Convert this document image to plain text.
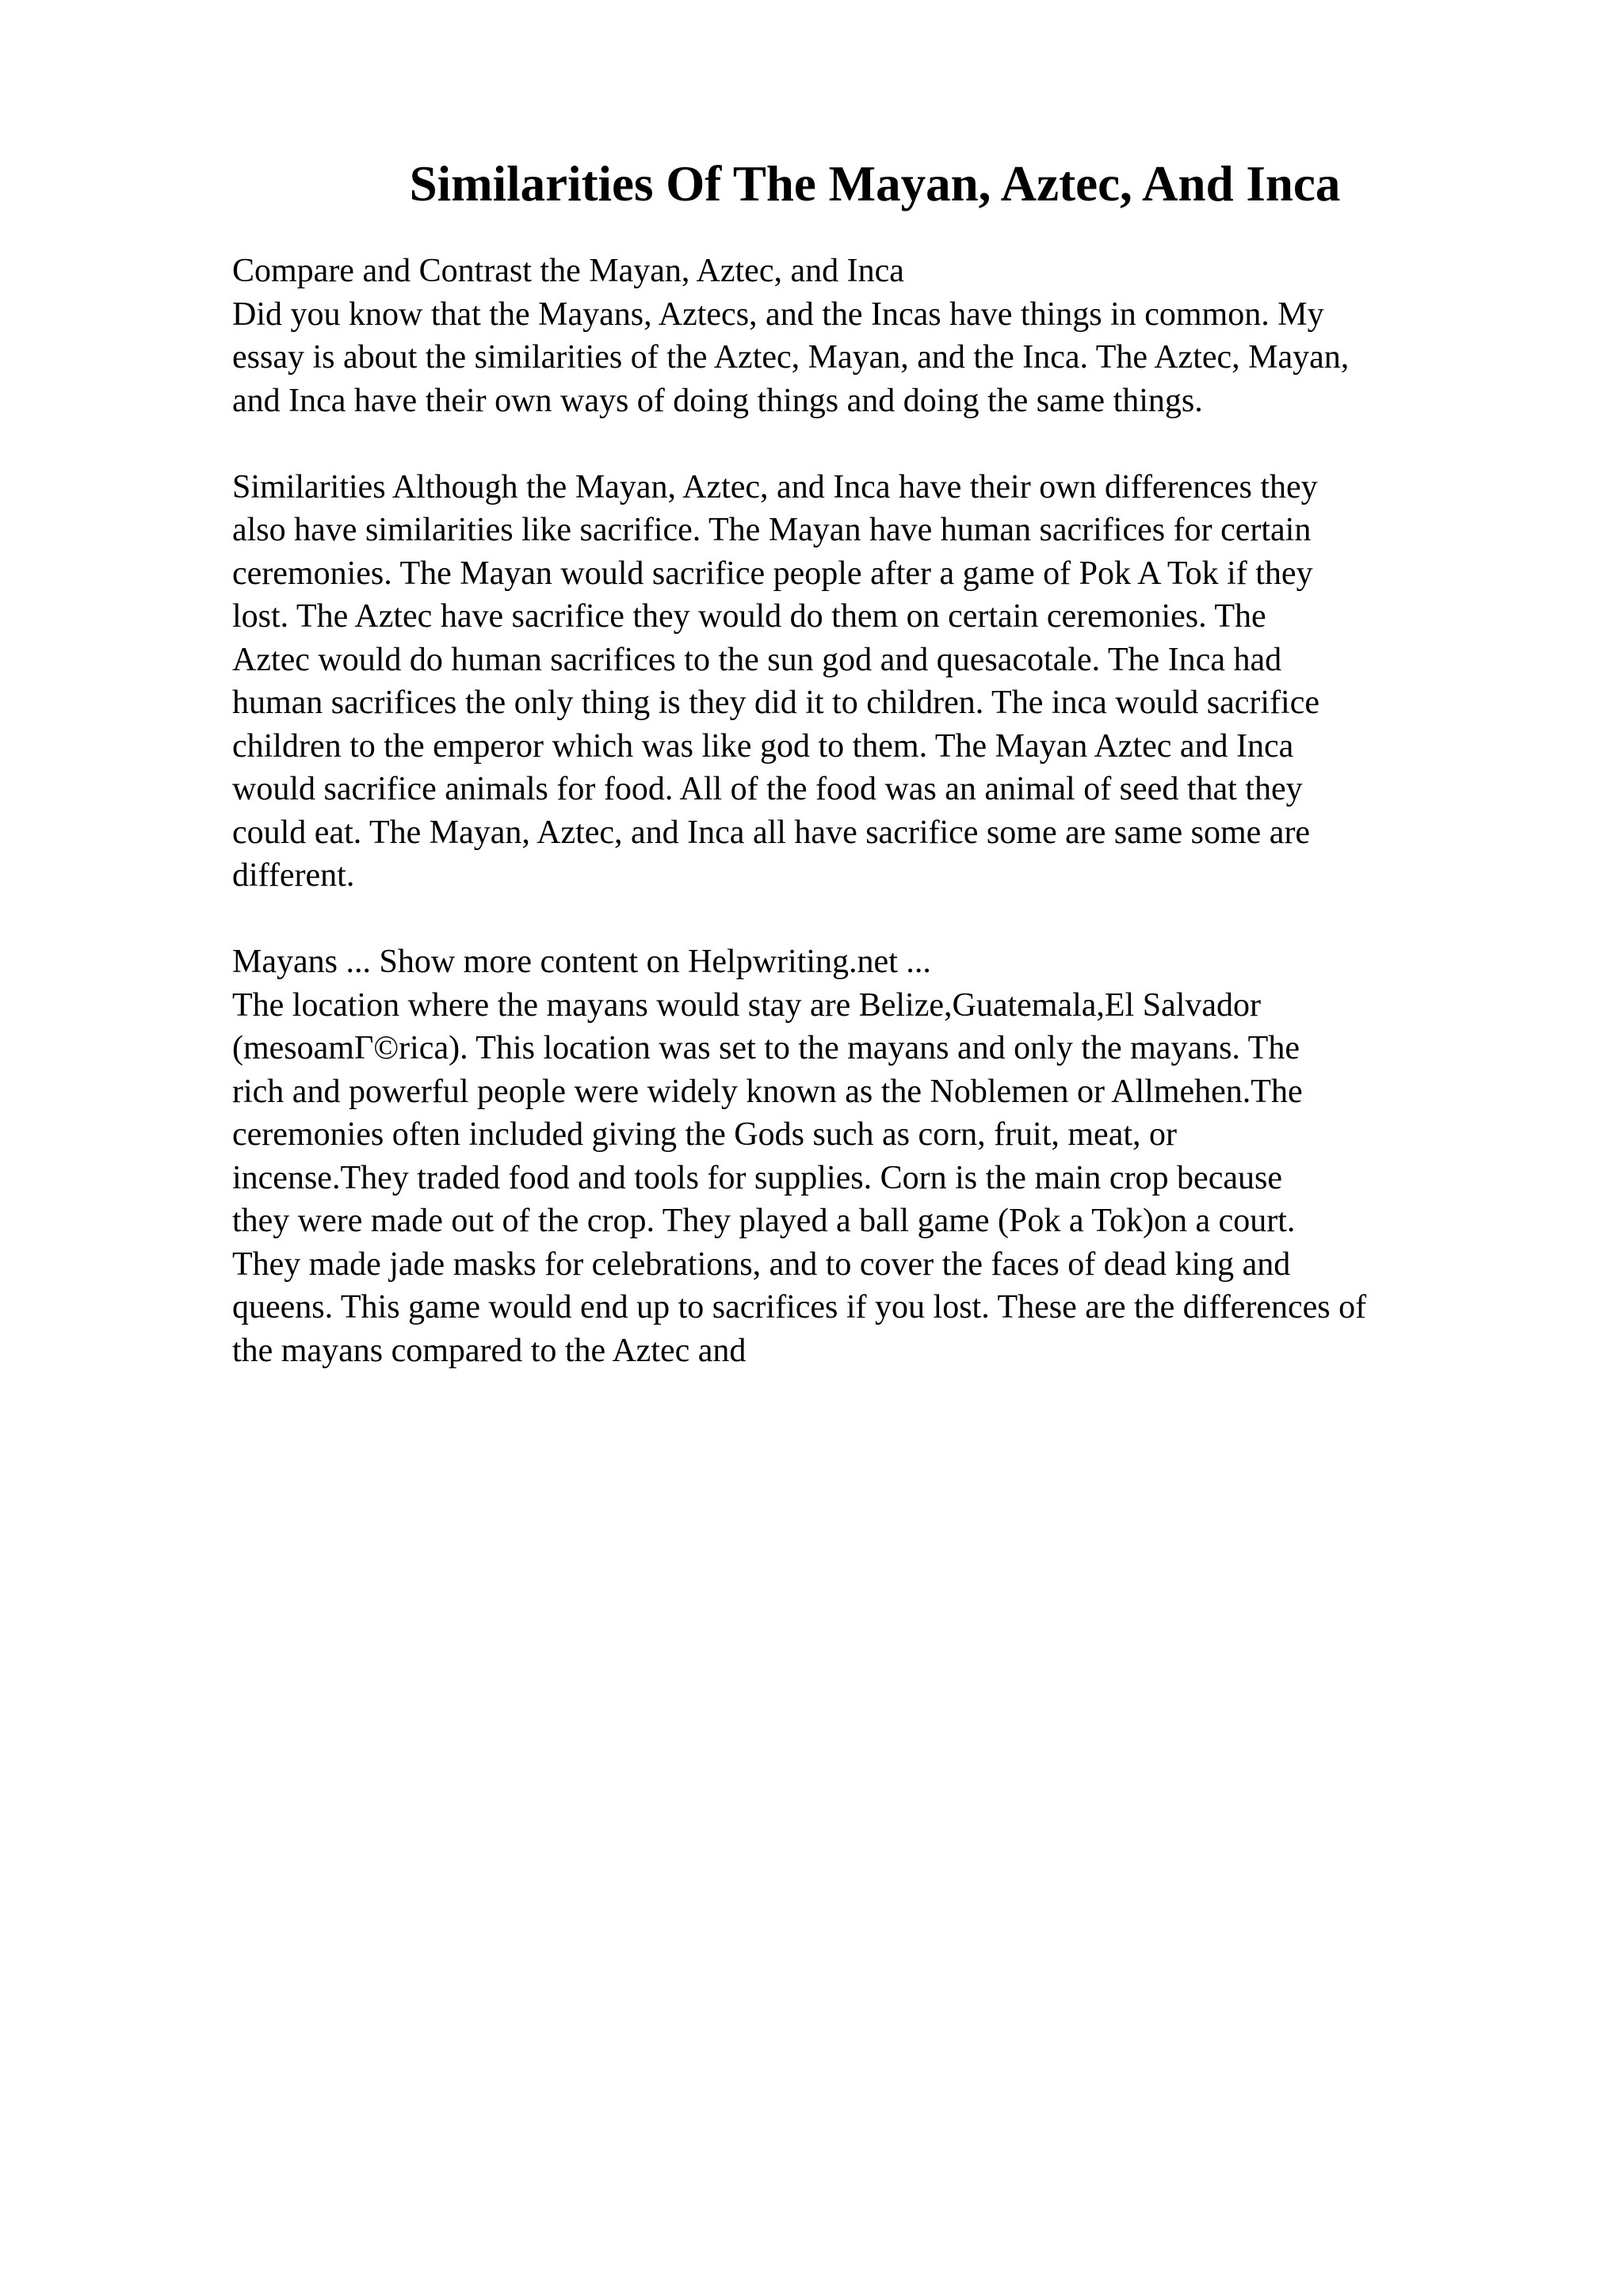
Similarities Of The Mayan, Aztec, And Inca
Compare and Contrast the Mayan, Aztec, and Inca
Did you know that the Mayans, Aztecs, and the Incas have things in common. My
essay is about the similarities of the Aztec, Mayan, and the Inca. The Aztec, Mayan,
and Inca have their own ways of doing things and doing the same things.
Similarities Although the Mayan, Aztec, and Inca have their own differences they
also have similarities like sacrifice. The Mayan have human sacrifices for certain
ceremonies. The Mayan would sacrifice people after a game of Pok A Tok if they
lost. The Aztec have sacrifice they would do them on certain ceremonies. The
Aztec would do human sacrifices to the sun god and quesacotale. The Inca had
human sacrifices the only thing is they did it to children. The inca would sacrifice
children to the emperor which was like god to them. The Mayan Aztec and Inca
would sacrifice animals for food. All of the food was an animal of seed that they
could eat. The Mayan, Aztec, and Inca all have sacrifice some are same some are
different.
Mayans ... Show more content on Helpwriting.net ...
The location where the mayans would stay are Belize,Guatemala,El Salvador
(mesoamГ©rica). This location was set to the mayans and only the mayans. The
rich and powerful people were widely known as the Noblemen or Allmehen.The
ceremonies often included giving the Gods such as corn, fruit, meat, or
incense.They traded food and tools for supplies. Corn is the main crop because
they were made out of the crop. They played a ball game (Pok a Tok)on a court.
They made jade masks for celebrations, and to cover the faces of dead king and
queens. This game would end up to sacrifices if you lost. These are the differences of
the mayans compared to the Aztec and
